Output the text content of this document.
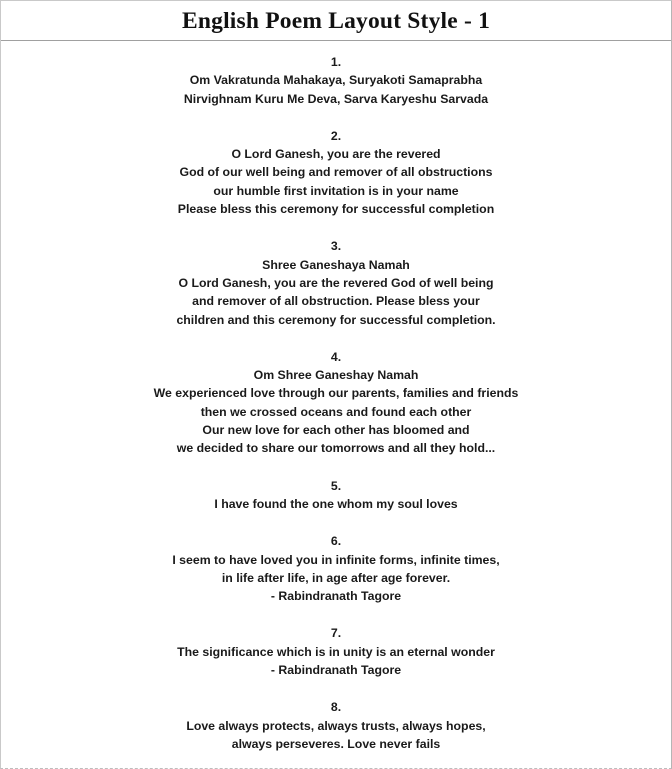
English Poem Layout Style - 1
1.
Om Vakratunda Mahakaya, Suryakoti Samaprabha
Nirvighnam Kuru Me Deva, Sarva Karyeshu Sarvada
2.
O Lord Ganesh, you are the revered
God of our well being and remover of all obstructions
our humble first invitation is in your name
Please bless this ceremony for successful completion
3.
Shree Ganeshaya Namah
O Lord Ganesh, you are the revered God of well being
and remover of all obstruction. Please bless your
children and this ceremony for successful completion.
4.
Om Shree Ganeshay Namah
We experienced love through our parents, families and friends
then we crossed oceans and found each other
Our new love for each other has bloomed and
we decided to share our tomorrows and all they hold...
5.
I have found the one whom my soul loves
6.
I seem to have loved you in infinite forms, infinite times,
in life after life, in age after age forever.
- Rabindranath Tagore
7.
The significance which is in unity is an eternal wonder
- Rabindranath Tagore
8.
Love always protects, always trusts, always hopes,
always perseveres. Love never fails
